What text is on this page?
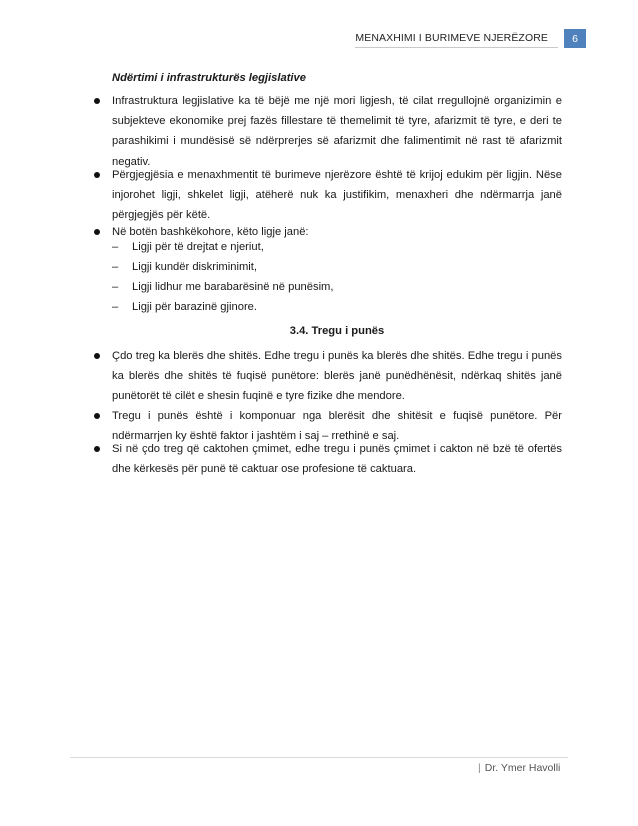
MENAXHIMI I BURIMEVE NJERËZORE	6
Ndërtimi i infrastrukturës legjislative
Infrastruktura legjislative ka të bëjë me një mori ligjesh, të cilat rregullojnë organizimin e subjekteve ekonomike prej fazës fillestare të themelimit të tyre, afarizmit të tyre, e deri te parashikimi i mundësisë së ndërprerjes së afarizmit dhe falimentimit në rast të afarizmit negativ.
Përgjegjësia e menaxhmentit të burimeve njerëzore është të krijoj edukim për ligjin. Nëse injorohet ligji, shkelet ligji, atëherë nuk ka justifikim, menaxheri dhe ndërmarrja janë përgjegjës për këtë.
Në botën bashkëkohore, këto ligje janë:
– Ligji për të drejtat e njeriut,
– Ligji kundër diskriminimit,
– Ligji lidhur me barabarësinë në punësim,
– Ligji për barazinë gjinore.
3.4. Tregu i punës
Çdo treg ka blerës dhe shitës. Edhe tregu i punës ka blerës dhe shitës. Edhe tregu i punës ka blerës dhe shitës të fuqisë punëtore: blerës janë punëdhënësit, ndërkaq shitës janë punëtorët të cilët e shesin fuqinë e tyre fizike dhe mendore.
Tregu i punës është i komponuar nga blerësit dhe shitësit e fuqisë punëtore. Për ndërmarrjen ky është faktor i jashtëm i saj – rrethinë e saj.
Si në çdo treg që caktohen çmimet, edhe tregu i punës çmimet i cakton në bzë të ofertës dhe kërkesës për punë të caktuar ose profesione të caktuara.
| Dr. Ymer Havolli
